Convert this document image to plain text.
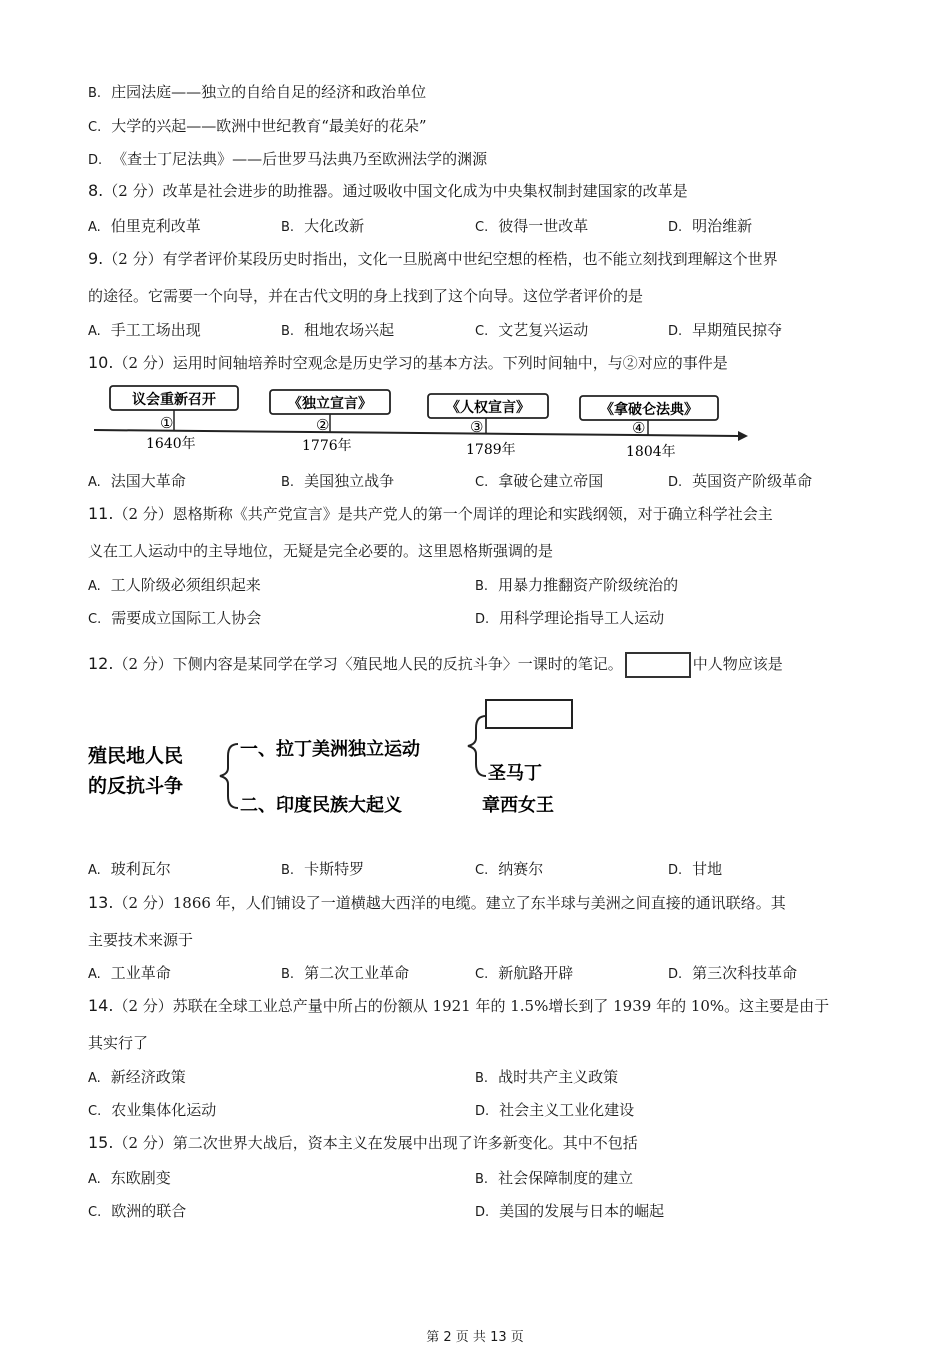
B. 庄园法庭——独立的自给自足的经济和政治单位
C. 大学的兴起——欧洲中世纪教育“最美好的花朵”
D. 《查士丁尼法典》——后世罗马法典乃至欧洲法学的渊源
8.（2 分）改革是社会进步的助推器。通过吸收中国文化成为中央集权制封建国家的改革是
A. 伯里克利改革	B. 大化改新	C. 彼得一世改革	D. 明治维新
9.（2 分）有学者评价某段历史时指出，文化一旦脱离中世纪空想的桎梏，也不能立刻找到理解这个世界
的途径。它需要一个向导，并在古代文明的身上找到了这个向导。这位学者评价的是
A. 手工工场出现	B. 租地农场兴起	C. 文艺复兴运动	D. 早期殖民掠夺
10.（2 分）运用时间轴培养时空观念是历史学习的基本方法。下列时间轴中，与②对应的事件是
议会重新召开	《独立宣言》	《人权宣言》	《拿破仑法典》
①	②	③	④
1640年	1776年	1789年	1804年
A. 法国大革命	B. 美国独立战争	C. 拿破仑建立帝国	D. 英国资产阶级革命
11.（2 分）恩格斯称《共产党宣言》是共产党人的第一个周详的理论和实践纲领，对于确立科学社会主
义在工人运动中的主导地位，无疑是完全必要的。这里恩格斯强调的是
A. 工人阶级必须组织起来	B. 用暴力推翻资产阶级统治的
C. 需要成立国际工人协会	D. 用科学理论指导工人运动
12.（2 分）下侧内容是某同学在学习〈殖民地人民的反抗斗争〉一课时的笔记。	中人物应该是
殖民地人民
的反抗斗争
一、拉丁美洲独立运动
二、印度民族大起义
圣马丁
章西女王
A. 玻利瓦尔	B. 卡斯特罗	C. 纳赛尔	D. 甘地
13.（2 分）1866 年，人们铺设了一道横越大西洋的电缆。建立了东半球与美洲之间直接的通讯联络。其
主要技术来源于
A. 工业革命	B. 第二次工业革命	C. 新航路开辟	D. 第三次科技革命
14.（2 分）苏联在全球工业总产量中所占的份额从 1921 年的 1.5%增长到了 1939 年的 10%。这主要是由于
其实行了
A. 新经济政策	B. 战时共产主义政策
C. 农业集体化运动	D. 社会主义工业化建设
15.（2 分）第二次世界大战后，资本主义在发展中出现了许多新变化。其中不包括
A. 东欧剧变	B. 社会保障制度的建立
C. 欧洲的联合	D. 美国的发展与日本的崛起
第 2 页 共 13 页
